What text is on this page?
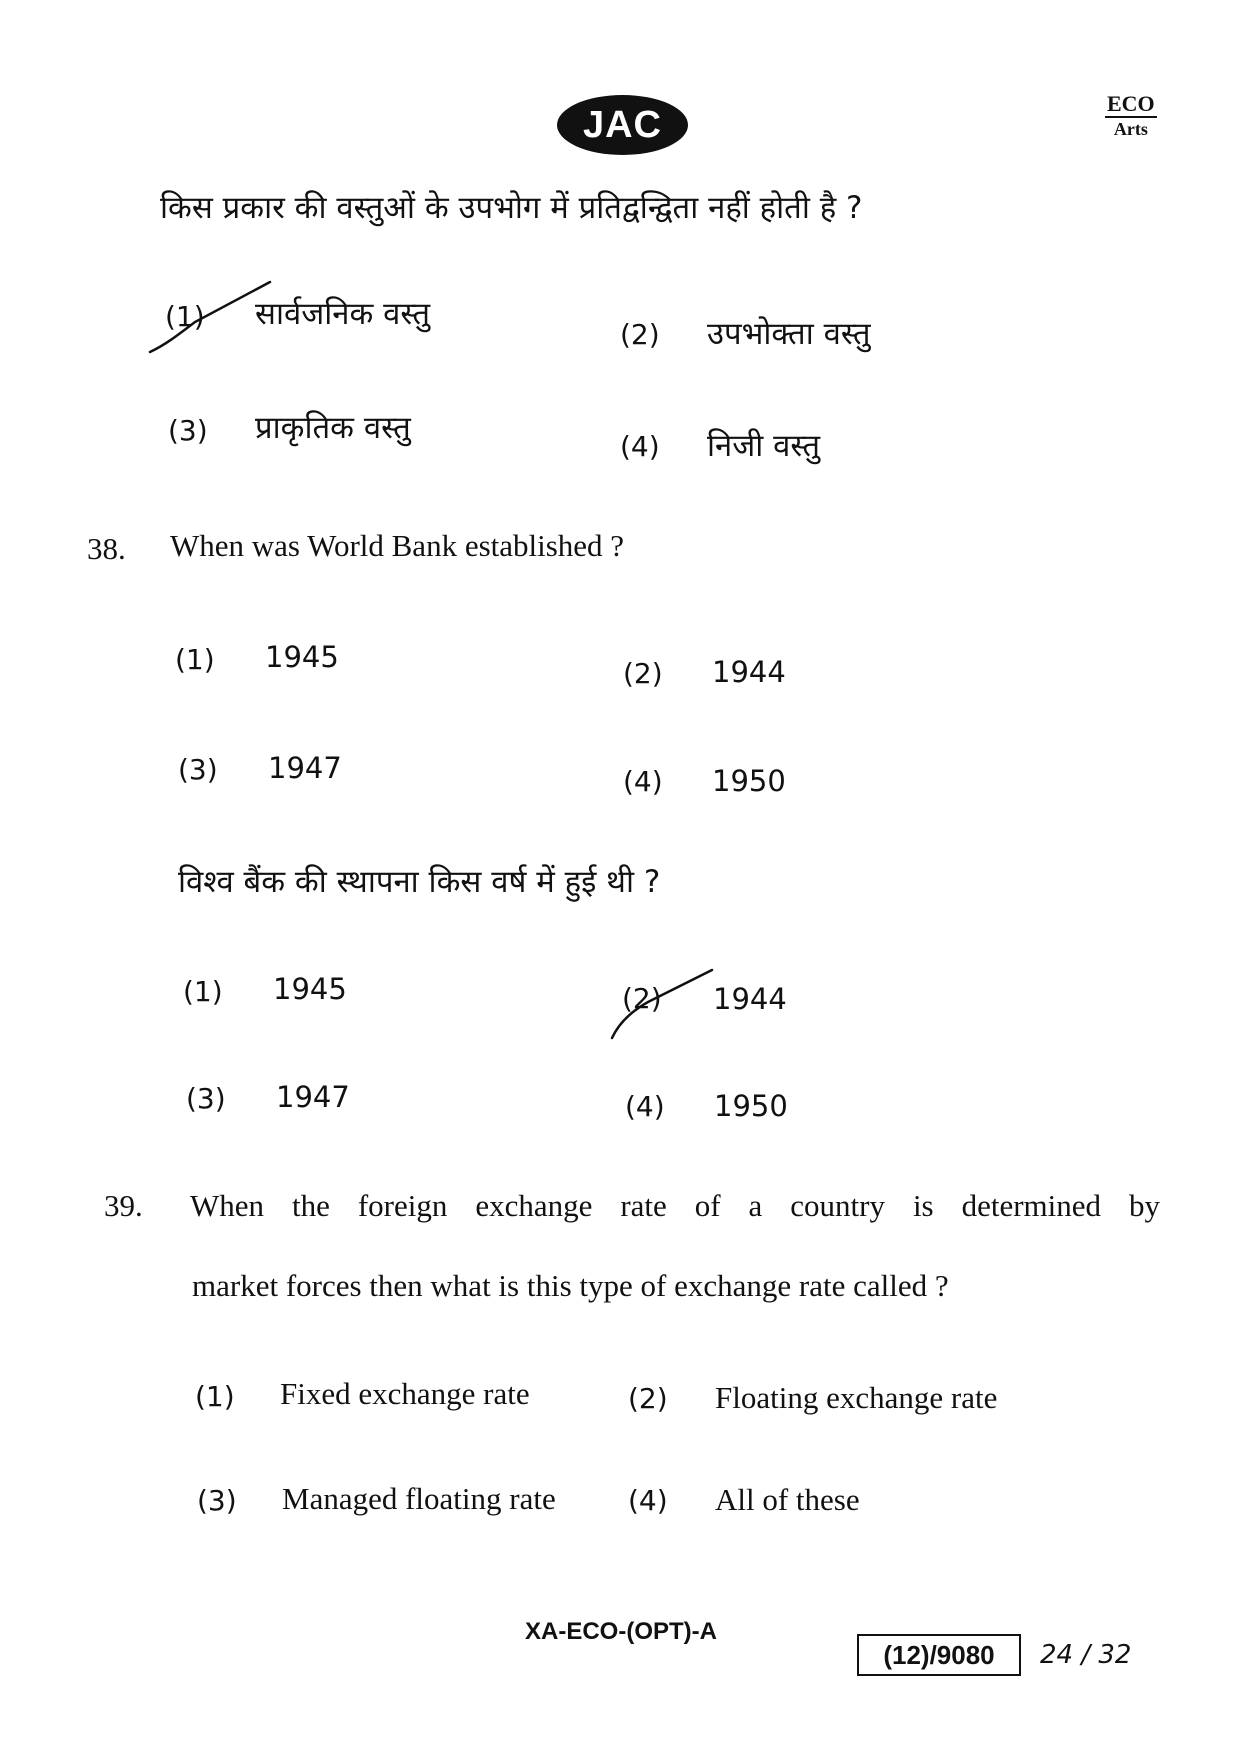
JAC
ECO
Arts
किस प्रकार की वस्तुओं के उपभोग में प्रतिद्वन्द्विता नहीं होती है ?
(1) सार्वजनिक वस्तु
(2) उपभोक्ता वस्तु
(3) प्राकृतिक वस्तु
(4) निजी वस्तु
38. When was World Bank established ?
(1) 1945	(2) 1944
(3) 1947	(4) 1950
विश्व बैंक की स्थापना किस वर्ष में हुई थी ?
(1) 1945	(2) 1944
(3) 1947	(4) 1950
39. When the foreign exchange rate of a country is determined by
market forces then what is this type of exchange rate called ?
(1) Fixed exchange rate	(2) Floating exchange rate
(3) Managed floating rate	(4) All of these
XA-ECO-(OPT)-A
(12)/9080	24 / 32
